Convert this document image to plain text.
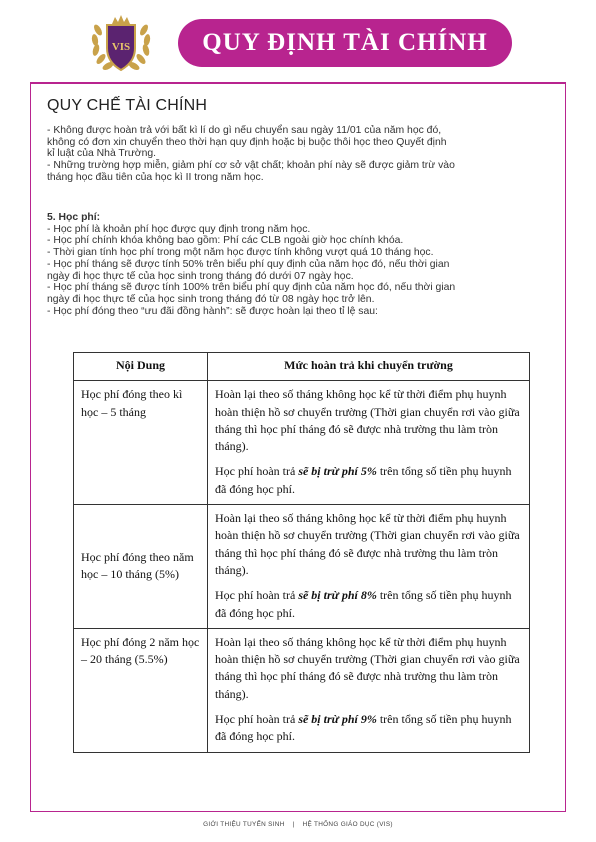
VIS	QUY ĐỊNH TÀI CHÍNH
QUY CHẾ TÀI CHÍNH
- Không được hoàn trả với bất kì lí do gì nếu chuyển sau ngày 11/01 của năm học đó,
không có đơn xin chuyển theo thời hạn quy định hoặc bị buộc thôi học theo Quyết định
kỉ luật của Nhà Trường.
- Những trường hợp miễn, giảm phí cơ sở vật chất; khoản phí này sẽ được giảm trừ vào
tháng học đầu tiên của học kì II trong năm học.
5. Học phí:
- Học phí là khoản phí học được quy định trong năm học.
- Học phí chính khóa không bao gồm: Phí các CLB ngoài giờ học chính khóa.
- Thời gian tính học phí trong một năm học được tính không vượt quá 10 tháng học.
- Học phí tháng sẽ được tính 50% trên biểu phí quy định của năm học đó, nếu thời gian
ngày đi học thực tế của học sinh trong tháng đó dưới 07 ngày học.
- Học phí tháng sẽ được tính 100% trên biểu phí quy định của năm học đó, nếu thời gian
ngày đi học thực tế của học sinh trong tháng đó từ 08 ngày học trở lên.
- Học phí đóng theo “ưu đãi đồng hành”: sẽ được hoàn lại theo tỉ lệ sau:
Nội Dung	Mức hoàn trả khi chuyển trường
Học phí đóng theo kì học – 5 tháng	Hoàn lại theo số tháng không học kể từ thời điểm phụ huynh hoàn thiện hồ sơ chuyển trường (Thời gian chuyển rơi vào giữa tháng thì học phí tháng đó sẽ được nhà trường thu làm tròn tháng).
Học phí hoàn trả sẽ bị trừ phí 5% trên tổng số tiền phụ huynh đã đóng học phí.

Học phí đóng theo năm học – 10 tháng (5%)	Hoàn lại theo số tháng không học kể từ thời điểm phụ huynh hoàn thiện hồ sơ chuyển trường (Thời gian chuyển rơi vào giữa tháng thì học phí tháng đó sẽ được nhà trường thu làm tròn tháng).
Học phí hoàn trả sẽ bị trừ phí 8% trên tổng số tiền phụ huynh đã đóng học phí.

Học phí đóng 2 năm học – 20 tháng (5.5%)	Hoàn lại theo số tháng không học kể từ thời điểm phụ huynh hoàn thiện hồ sơ chuyển trường (Thời gian chuyển rơi vào giữa tháng thì học phí tháng đó sẽ được nhà trường thu làm tròn tháng).
Học phí hoàn trả sẽ bị trừ phí 9% trên tổng số tiền phụ huynh đã đóng học phí.
GIỚI THIỆU TUYỂN SINH | HỆ THỐNG GIÁO DỤC (VIS)
